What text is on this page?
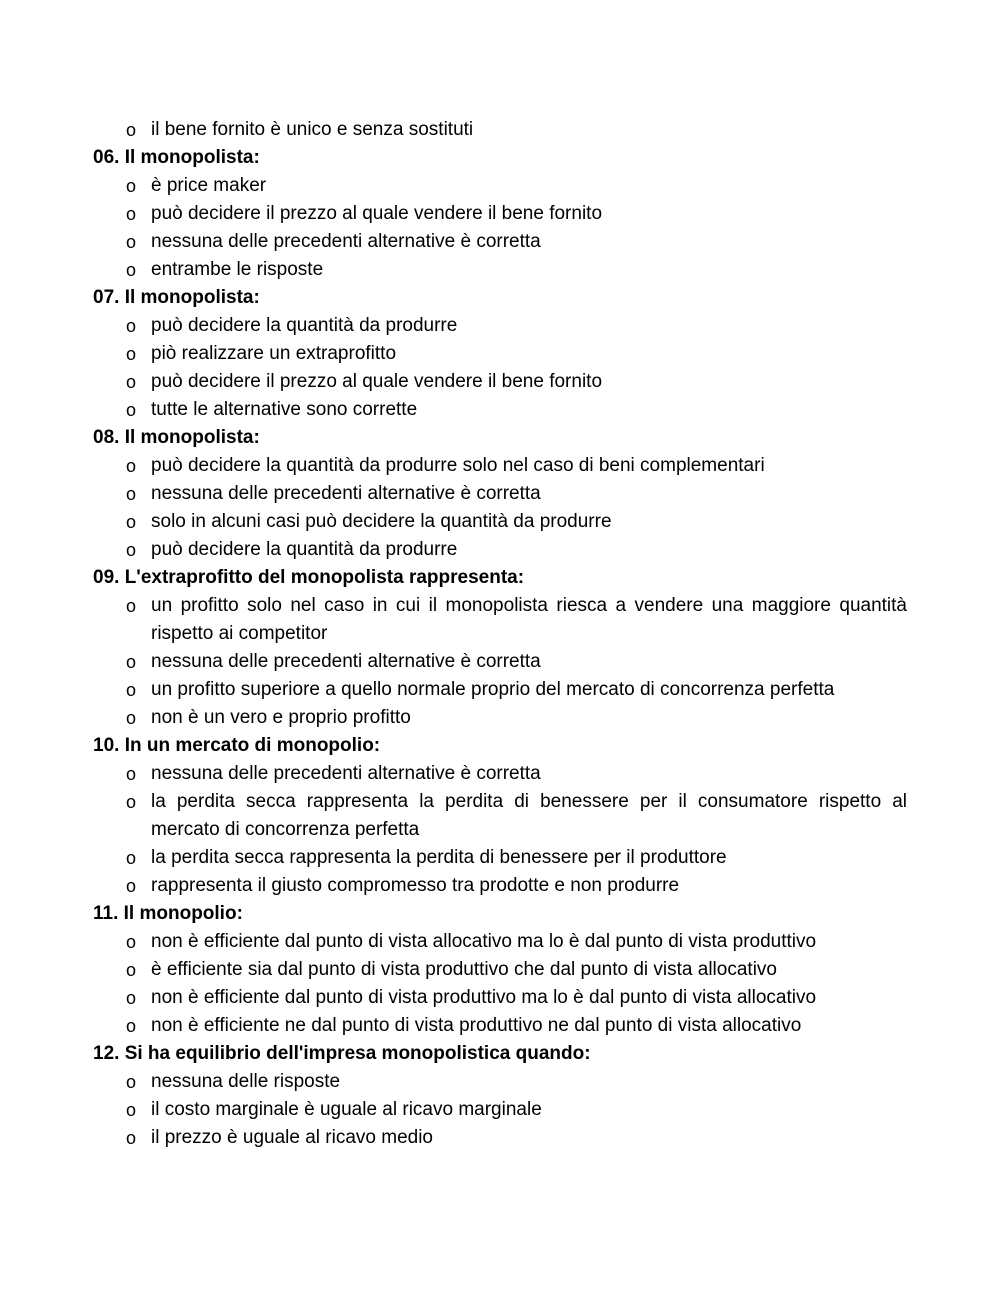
o il bene fornito è unico e senza sostituti
06. Il monopolista:
o è price maker
o può decidere il prezzo al quale vendere il bene fornito
o nessuna delle precedenti alternative è corretta
o entrambe le risposte
07. Il monopolista:
o può decidere la quantità da produrre
o piò realizzare un extraprofitto
o può decidere il prezzo al quale vendere il bene fornito
o tutte le alternative sono corrette
08. Il monopolista:
o può decidere la quantità da produrre solo nel caso di beni complementari
o nessuna delle precedenti alternative è corretta
o solo in alcuni casi può decidere la quantità da produrre
o può decidere la quantità da produrre
09. L'extraprofitto del monopolista rappresenta:
o un profitto solo nel caso in cui il monopolista riesca a vendere una maggiore quantità rispetto ai competitor
o nessuna delle precedenti alternative è corretta
o un profitto superiore a quello normale proprio del mercato di concorrenza perfetta
o non è un vero e proprio profitto
10. In un mercato di monopolio:
o nessuna delle precedenti alternative è corretta
o la perdita secca rappresenta la perdita di benessere per il consumatore rispetto al mercato di concorrenza perfetta
o la perdita secca rappresenta la perdita di benessere per il produttore
o rappresenta il giusto compromesso tra prodotte e non produrre
11. Il monopolio:
o non è efficiente dal punto di vista allocativo ma lo è dal punto di vista produttivo
o è efficiente sia dal punto di vista produttivo che dal punto di vista allocativo
o non è efficiente dal punto di vista produttivo ma lo è dal punto di vista allocativo
o non è efficiente ne dal punto di vista produttivo ne dal punto di vista allocativo
12. Si ha equilibrio dell'impresa monopolistica quando:
o nessuna delle risposte
o il costo marginale è uguale al ricavo marginale
o il prezzo è uguale al ricavo medio
